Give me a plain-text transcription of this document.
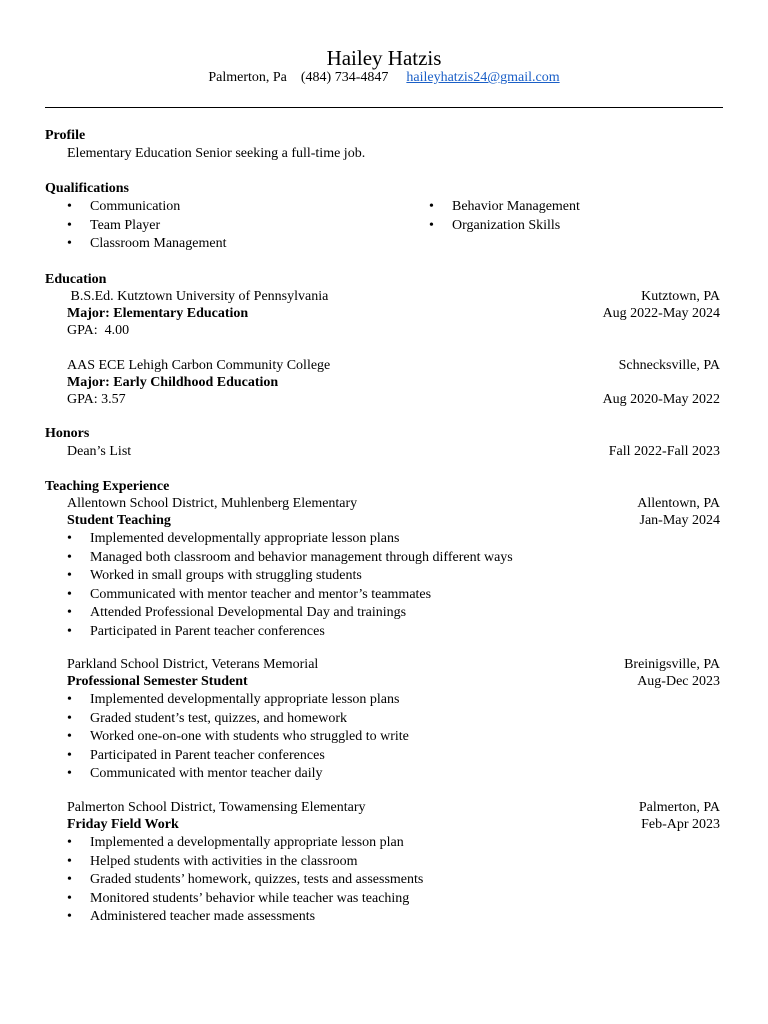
Hailey Hatzis
Palmerton, Pa (484) 734-4847 haileyhatzis24@gmail.com
Profile
Elementary Education Senior seeking a full-time job.
Qualifications
• Communication
• Team Player
• Classroom Management
• Behavior Management
• Organization Skills
Education
B.S.Ed. Kutztown University of Pennsylvania	Kutztown, PA
Major: Elementary Education	Aug 2022-May 2024
GPA:  4.00
AAS ECE Lehigh Carbon Community College	Schnecksville, PA
Major: Early Childhood Education
GPA: 3.57	Aug 2020-May 2022
Honors
Dean’s List	Fall 2022-Fall 2023
Teaching Experience
Allentown School District, Muhlenberg Elementary	Allentown, PA
Student Teaching	Jan-May 2024
• Implemented developmentally appropriate lesson plans
• Managed both classroom and behavior management through different ways
• Worked in small groups with struggling students
• Communicated with mentor teacher and mentor’s teammates
• Attended Professional Developmental Day and trainings
• Participated in Parent teacher conferences
Parkland School District, Veterans Memorial	Breinigsville, PA
Professional Semester Student	Aug-Dec 2023
• Implemented developmentally appropriate lesson plans
• Graded student’s test, quizzes, and homework
• Worked one-on-one with students who struggled to write
• Participated in Parent teacher conferences
• Communicated with mentor teacher daily
Palmerton School District, Towamensing Elementary	Palmerton, PA
Friday Field Work	Feb-Apr 2023
• Implemented a developmentally appropriate lesson plan
• Helped students with activities in the classroom
• Graded students’ homework, quizzes, tests and assessments
• Monitored students’ behavior while teacher was teaching
• Administered teacher made assessments
